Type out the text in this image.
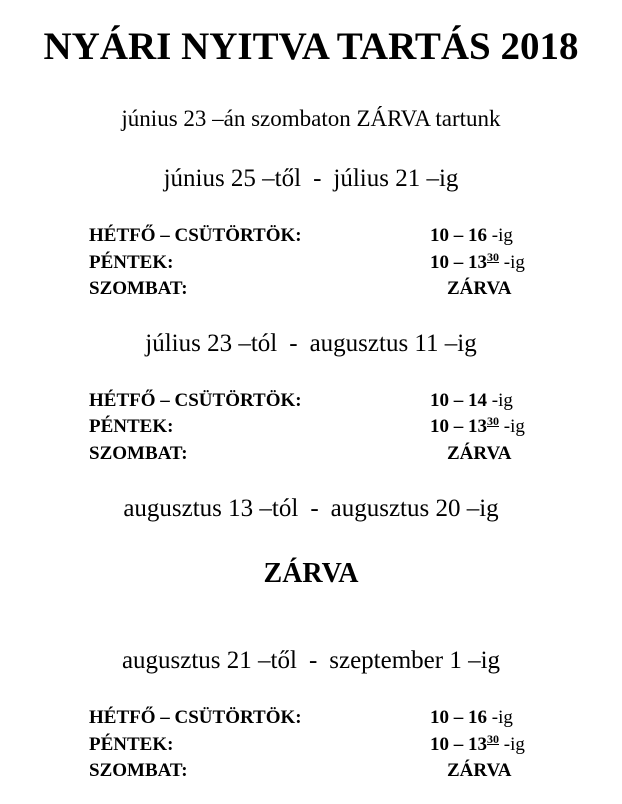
NYÁRI NYITVA TARTÁS 2018
június 23 –án szombaton ZÁRVA tartunk
június 25 –től - július 21 –ig
HÉTFŐ – CSÜTÖRTÖK:	10 – 16 -ig
PÉNTEK:	$10 - 13^{30}$ -ig
SZOMBAT:	ZÁRVA
július 23 –tól - augusztus 11 –ig
HÉTFŐ – CSÜTÖRTÖK:	10 – 14 -ig
PÉNTEK:	$10 - 13^{30}$ -ig
SZOMBAT:	ZÁRVA
augusztus 13 –tól - augusztus 20 –ig
ZÁRVA
augusztus 21 –től - szeptember 1 –ig
HÉTFŐ – CSÜTÖRTÖK:	10 – 16 -ig
PÉNTEK:	$10 - 13^{30}$ -ig
SZOMBAT:	ZÁRVA
